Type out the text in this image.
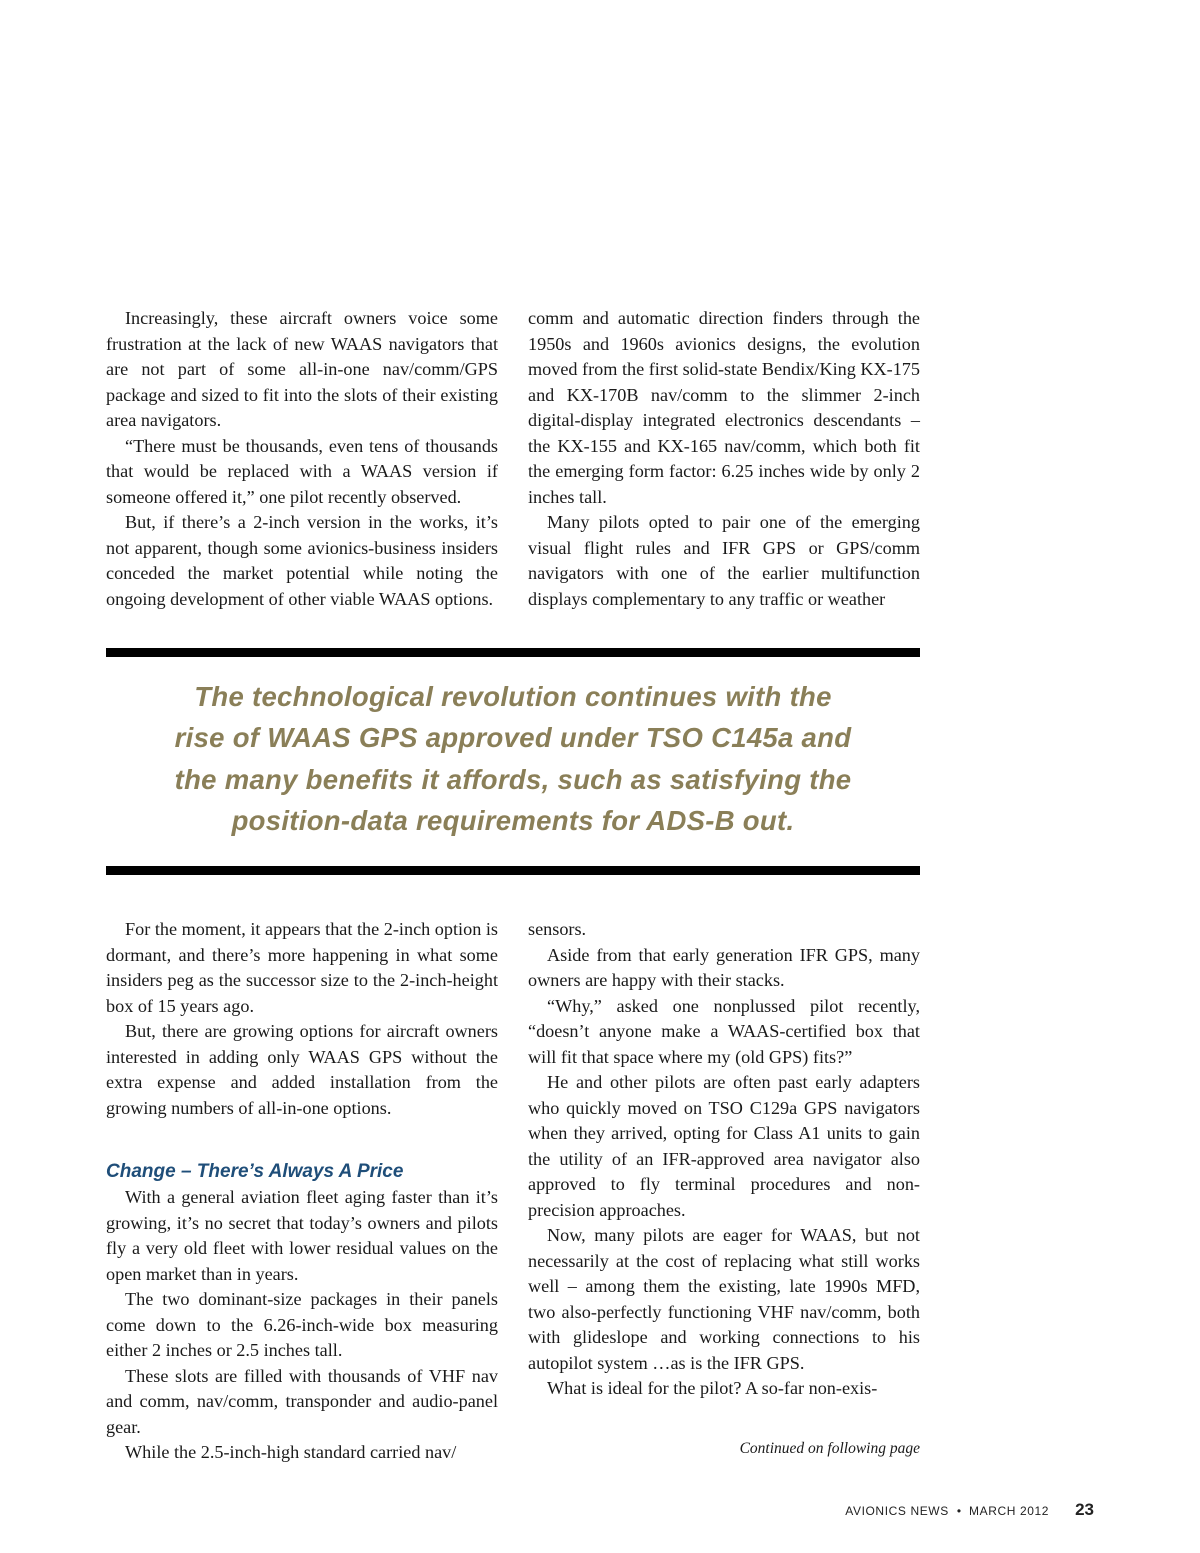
Increasingly, these aircraft owners voice some frustration at the lack of new WAAS navigators that are not part of some all-in-one nav/comm/GPS package and sized to fit into the slots of their existing area navigators.

“There must be thousands, even tens of thousands that would be replaced with a WAAS version if someone offered it,” one pilot recently observed.

But, if there’s a 2-inch version in the works, it’s not apparent, though some avionics-business insiders conceded the market potential while noting the ongoing development of other viable WAAS options.

comm and automatic direction finders through the 1950s and 1960s avionics designs, the evolution moved from the first solid-state Bendix/King KX-175 and KX-170B nav/comm to the slimmer 2-inch digital-display integrated electronics descendants – the KX-155 and KX-165 nav/comm, which both fit the emerging form factor: 6.25 inches wide by only 2 inches tall.

Many pilots opted to pair one of the emerging visual flight rules and IFR GPS or GPS/comm navigators with one of the earlier multifunction displays complementary to any traffic or weather

The technological revolution continues with the
rise of WAAS GPS approved under TSO C145a and
the many benefits it affords, such as satisfying the
position-data requirements for ADS-B out.

For the moment, it appears that the 2-inch option is dormant, and there’s more happening in what some insiders peg as the successor size to the 2-inch-height box of 15 years ago.

But, there are growing options for aircraft owners interested in adding only WAAS GPS without the extra expense and added installation from the growing numbers of all-in-one options.

Change – There’s Always A Price

With a general aviation fleet aging faster than it’s growing, it’s no secret that today’s owners and pilots fly a very old fleet with lower residual values on the open market than in years.

The two dominant-size packages in their panels come down to the 6.26-inch-wide box measuring either 2 inches or 2.5 inches tall.

These slots are filled with thousands of VHF nav and comm, nav/comm, transponder and audio-panel gear.

While the 2.5-inch-high standard carried nav/

sensors.

Aside from that early generation IFR GPS, many owners are happy with their stacks.

“Why,” asked one nonplussed pilot recently, “doesn’t anyone make a WAAS-certified box that will fit that space where my (old GPS) fits?”

He and other pilots are often past early adapters who quickly moved on TSO C129a GPS navigators when they arrived, opting for Class A1 units to gain the utility of an IFR-approved area navigator also approved to fly terminal procedures and non-precision approaches.

Now, many pilots are eager for WAAS, but not necessarily at the cost of replacing what still works well – among them the existing, late 1990s MFD, two also-perfectly functioning VHF nav/comm, both with glideslope and working connections to his autopilot system …as is the IFR GPS.

What is ideal for the pilot? A so-far non-exis-

Continued on following page
AVIONICS NEWS • MARCH 2012 23
